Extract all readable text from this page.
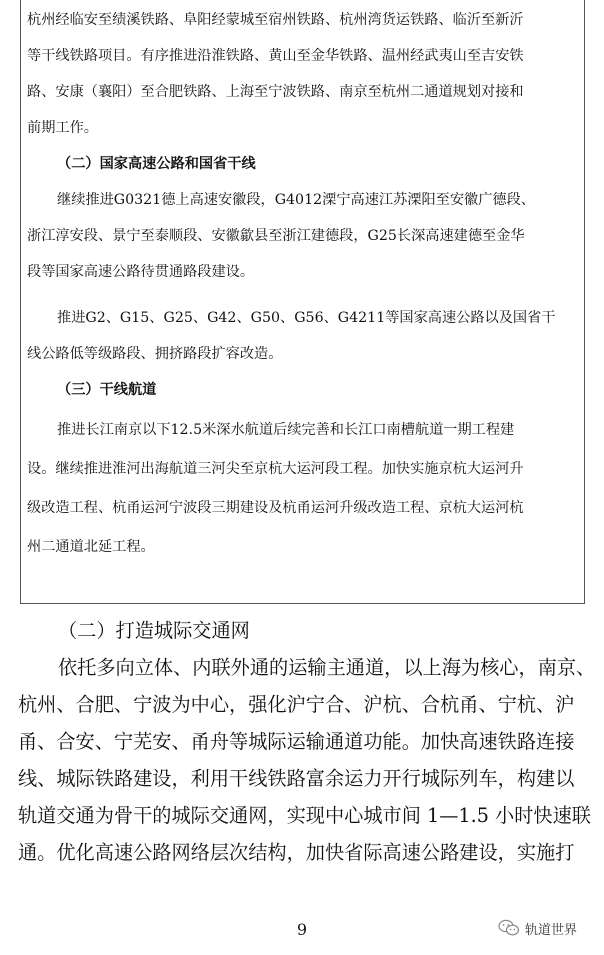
杭州经临安至绩溪铁路、阜阳经蒙城至宿州铁路、杭州湾货运铁路、临沂至新沂

等干线铁路项目。有序推进沿淮铁路、黄山至金华铁路、温州经武夷山至吉安铁

路、安康（襄阳）至合肥铁路、上海至宁波铁路、南京至杭州二通道规划对接和

前期工作。

（二）国家高速公路和国省干线

继续推进G0321德上高速安徽段，G4012溧宁高速江苏溧阳至安徽广德段、

浙江淳安段、景宁至泰顺段、安徽歙县至浙江建德段，G25长深高速建德至金华

段等国家高速公路待贯通路段建设。

推进G2、G15、G25、G42、G50、G56、G4211等国家高速公路以及国省干

线公路低等级路段、拥挤路段扩容改造。

（三）干线航道

推进长江南京以下12.5米深水航道后续完善和长江口南槽航道一期工程建

设。继续推进淮河出海航道三河尖至京杭大运河段工程。加快实施京杭大运河升

级改造工程、杭甬运河宁波段三期建设及杭甬运河升级改造工程、京杭大运河杭

州二通道北延工程。

（二）打造城际交通网

依托多向立体、内联外通的运输主通道，以上海为核心，南京、

杭州、合肥、宁波为中心，强化沪宁合、沪杭、合杭甬、宁杭、沪

甬、合安、宁芜安、甬舟等城际运输通道功能。加快高速铁路连接

线、城际铁路建设，利用干线铁路富余运力开行城际列车，构建以

轨道交通为骨干的城际交通网，实现中心城市间 1—1.5 小时快速联

通。优化高速公路网络层次结构，加快省际高速公路建设，实施打

9	轨道世界
